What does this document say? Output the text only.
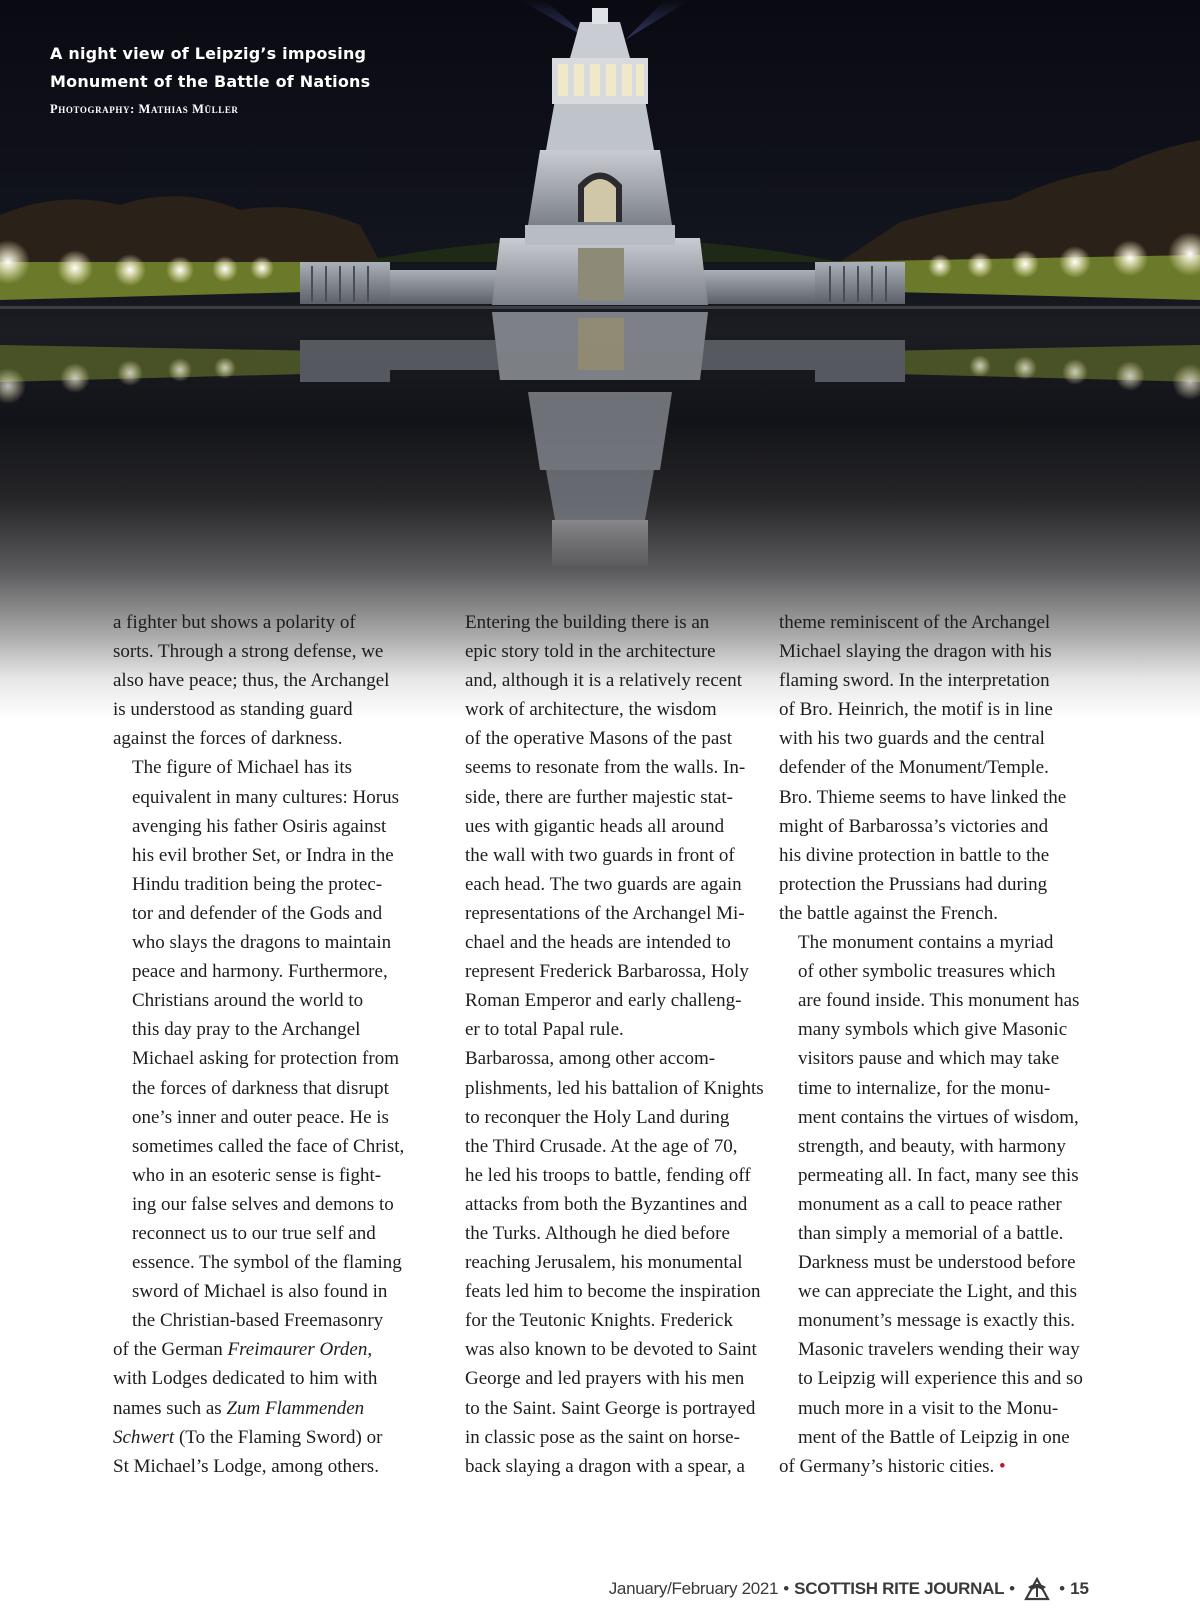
A night view of Leipzig’s imposing
Monument of the Battle of Nations
Photography: Mathias Müller

a fighter but shows a polarity of
sorts. Through a strong defense, we
also have peace; thus, the Archangel
is understood as standing guard
against the forces of darkness.

The figure of Michael has its
equivalent in many cultures: Horus
avenging his father Osiris against
his evil brother Set, or Indra in the
Hindu tradition being the protec-
tor and defender of the Gods and
who slays the dragons to maintain
peace and harmony. Furthermore,
Christians around the world to
this day pray to the Archangel
Michael asking for protection from
the forces of darkness that disrupt
one’s inner and outer peace. He is
sometimes called the face of Christ,
who in an esoteric sense is fight-
ing our false selves and demons to
reconnect us to our true self and
essence. The symbol of the flaming
sword of Michael is also found in
the Christian-based Freemasonry

of the German Freimaurer Orden,
with Lodges dedicated to him with
names such as Zum Flammenden
Schwert (To the Flaming Sword) or
St Michael’s Lodge, among others.

Entering the building there is an
epic story told in the architecture
and, although it is a relatively recent
work of architecture, the wisdom
of the operative Masons of the past
seems to resonate from the walls. In-
side, there are further majestic stat-
ues with gigantic heads all around
the wall with two guards in front of
each head. The two guards are again
representations of the Archangel Mi-
chael and the heads are intended to
represent Frederick Barbarossa, Holy
Roman Emperor and early challeng-
er to total Papal rule.

Barbarossa, among other accom-
plishments, led his battalion of Knights
to reconquer the Holy Land during
the Third Crusade. At the age of 70,
he led his troops to battle, fending off
attacks from both the Byzantines and
the Turks. Although he died before
reaching Jerusalem, his monumental
feats led him to become the inspiration
for the Teutonic Knights. Frederick
was also known to be devoted to Saint
George and led prayers with his men
to the Saint. Saint George is portrayed
in classic pose as the saint on horse-
back slaying a dragon with a spear, a

theme reminiscent of the Archangel
Michael slaying the dragon with his
flaming sword. In the interpretation
of Bro. Heinrich, the motif is in line
with his two guards and the central
defender of the Monument/Temple.
Bro. Thieme seems to have linked the
might of Barbarossa’s victories and
his divine protection in battle to the
protection the Prussians had during
the battle against the French.

The monument contains a myriad
of other symbolic treasures which
are found inside. This monument has
many symbols which give Masonic
visitors pause and which may take
time to internalize, for the monu-
ment contains the virtues of wisdom,
strength, and beauty, with harmony
permeating all. In fact, many see this
monument as a call to peace rather
than simply a memorial of a battle.
Darkness must be understood before
we can appreciate the Light, and this
monument’s message is exactly this.
Masonic travelers wending their way
to Leipzig will experience this and so
much more in a visit to the Monu-
ment of the Battle of Leipzig in one

of Germany’s historic cities. •

January/February 2021 • SCOTTISH RITE JOURNAL •	• 15
